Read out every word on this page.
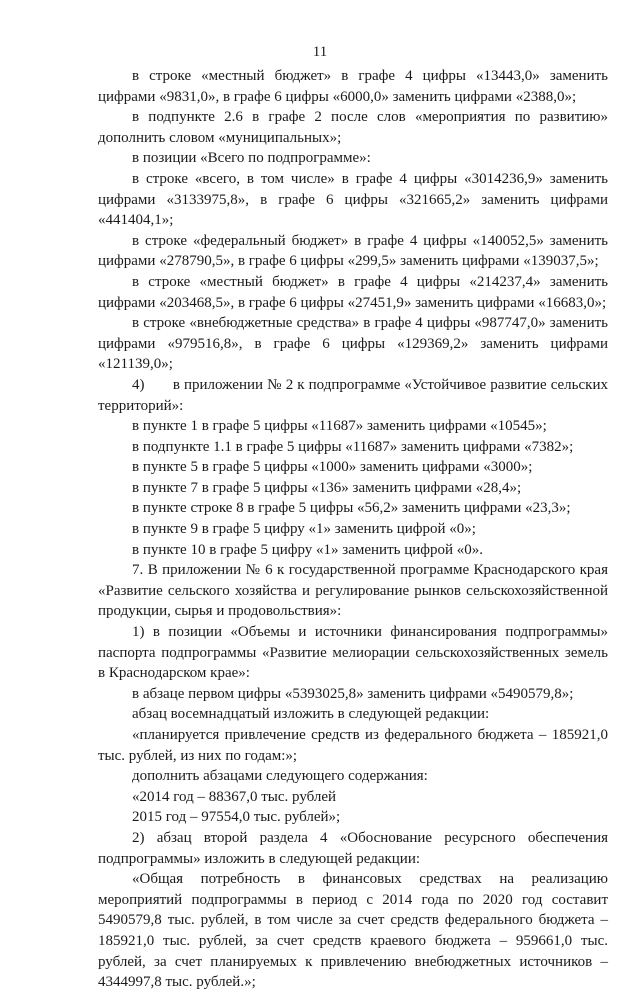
11

в строке «местный бюджет» в графе 4 цифры «13443,0» заменить цифрами «9831,0», в графе 6 цифры «6000,0» заменить цифрами «2388,0»;

в подпункте 2.6 в графе 2 после слов «мероприятия по развитию» дополнить словом «муниципальных»;

в позиции «Всего по подпрограмме»:

в строке «всего, в том числе» в графе 4 цифры «3014236,9» заменить цифрами «3133975,8», в графе 6 цифры «321665,2» заменить цифрами «441404,1»;

в строке «федеральный бюджет» в графе 4 цифры «140052,5» заменить цифрами «278790,5», в графе 6 цифры «299,5» заменить цифрами «139037,5»;

в строке «местный бюджет» в графе 4 цифры «214237,4» заменить цифрами «203468,5», в графе 6 цифры «27451,9» заменить цифрами «16683,0»;

в строке «внебюджетные средства» в графе 4 цифры «987747,0» заменить цифрами «979516,8», в графе 6 цифры «129369,2» заменить цифрами «121139,0»;

4)       в приложении № 2 к подпрограмме «Устойчивое развитие сельских территорий»:

в пункте 1 в графе 5 цифры «11687» заменить цифрами «10545»;

в подпункте 1.1 в графе 5 цифры «11687» заменить цифрами «7382»;

в пункте 5 в графе 5 цифры «1000» заменить цифрами «3000»;

в пункте 7 в графе 5 цифры «136» заменить цифрами «28,4»;

в пункте строке 8 в графе 5 цифры «56,2» заменить цифрами «23,3»;

в пункте 9 в графе 5 цифру «1» заменить цифрой «0»;

в пункте 10 в графе 5 цифру «1» заменить цифрой «0».

7. В приложении № 6 к государственной программе Краснодарского края «Развитие сельского хозяйства и регулирование рынков сельскохозяйственной продукции, сырья и продовольствия»:

1) в позиции «Объемы и источники финансирования подпрограммы» паспорта подпрограммы «Развитие мелиорации сельскохозяйственных земель в Краснодарском крае»:

в абзаце первом цифры «5393025,8» заменить цифрами «5490579,8»;

абзац восемнадцатый изложить в следующей редакции:

«планируется привлечение средств из федерального бюджета – 185921,0 тыс. рублей, из них по годам:»;

дополнить абзацами следующего содержания:

«2014 год – 88367,0 тыс. рублей

2015 год – 97554,0 тыс. рублей»;

2) абзац второй раздела 4 «Обоснование ресурсного обеспечения подпрограммы» изложить в следующей редакции:

«Общая потребность в финансовых средствах на реализацию мероприятий подпрограммы в период с 2014 года по 2020 год составит 5490579,8 тыс. рублей, в том числе за счет средств федерального бюджета – 185921,0 тыс. рублей, за счет средств краевого бюджета – 959661,0 тыс. рублей, за счет планируемых к привлечению внебюджетных источников – 4344997,8 тыс. рублей.»;
